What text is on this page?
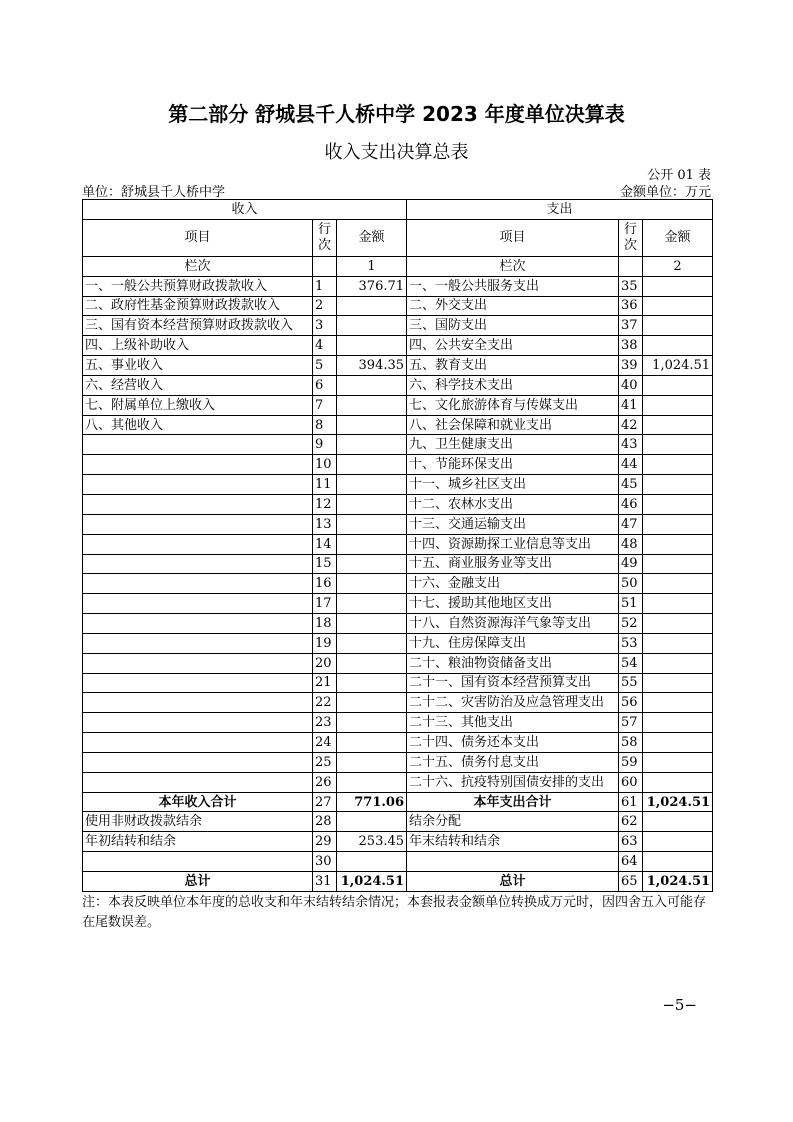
第二部分 舒城县千人桥中学 2023 年度单位决算表
收入支出决算总表
公开 01 表
单位：舒城县千人桥中学	金额单位：万元
收入			支出		
项目	行次	金额	项目	行次	金额
栏次		1	栏次		2
一、一般公共预算财政拨款收入	1	376.71	一、一般公共服务支出	35	
二、政府性基金预算财政拨款收入	2		二、外交支出	36	
三、国有资本经营预算财政拨款收入	3		三、国防支出	37	
四、上级补助收入	4		四、公共安全支出	38	
五、事业收入	5	394.35	五、教育支出	39	1,024.51
六、经营收入	6		六、科学技术支出	40	
七、附属单位上缴收入	7		七、文化旅游体育与传媒支出	41	
八、其他收入	8		八、社会保障和就业支出	42	
	9		九、卫生健康支出	43	
	10		十、节能环保支出	44	
	11		十一、城乡社区支出	45	
	12		十二、农林水支出	46	
	13		十三、交通运输支出	47	
	14		十四、资源勘探工业信息等支出	48	
	15		十五、商业服务业等支出	49	
	16		十六、金融支出	50	
	17		十七、援助其他地区支出	51	
	18		十八、自然资源海洋气象等支出	52	
	19		十九、住房保障支出	53	
	20		二十、粮油物资储备支出	54	
	21		二十一、国有资本经营预算支出	55	
	22		二十二、灾害防治及应急管理支出	56	
	23		二十三、其他支出	57	
	24		二十四、债务还本支出	58	
	25		二十五、债务付息支出	59	
	26		二十六、抗疫特别国债安排的支出	60	
本年收入合计	27	771.06	本年支出合计	61	1,024.51
使用非财政拨款结余	28		结余分配	62	
年初结转和结余	29	253.45	年末结转和结余	63	
	30			64	
总计	31	1,024.51	总计	65	1,024.51
注：本表反映单位本年度的总收支和年末结转结余情况；本套报表金额单位转换成万元时，因四舍五入可能存在尾数误差。
−5−
